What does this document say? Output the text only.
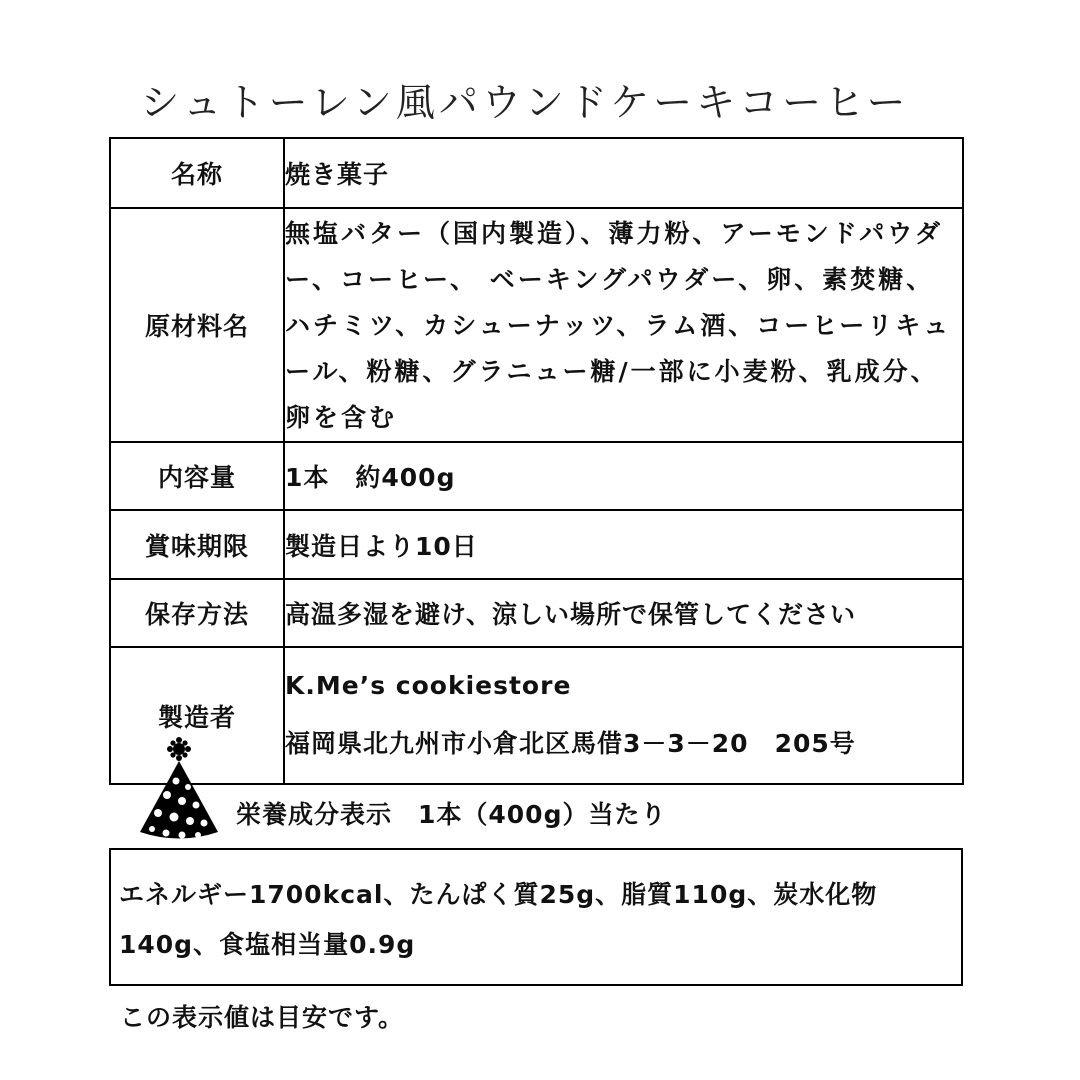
シュトーレン風パウンドケーキコーヒー
名称	焼き菓子
原材料名	無塩バター（国内製造）、薄力粉、アーモンドパウダー、コーヒー、 ベーキングパウダー、卵、素焚糖、 ハチミツ、カシューナッツ、ラム酒、コーヒーリキュール、粉糖、グラニュー糖/一部に小麦粉、乳成分、卵を含む
内容量	1本　約400g
賞味期限	製造日より10日
保存方法	高温多湿を避け、涼しい場所で保管してください
製造者	K.Me’s cookiestore
福岡県北九州市小倉北区馬借3－3－20　205号
栄養成分表示　1本（400g）当たり
エネルギー1700kcal、たんぱく質25g、脂質110g、炭水化物140g、食塩相当量0.9g
この表示値は目安です。
